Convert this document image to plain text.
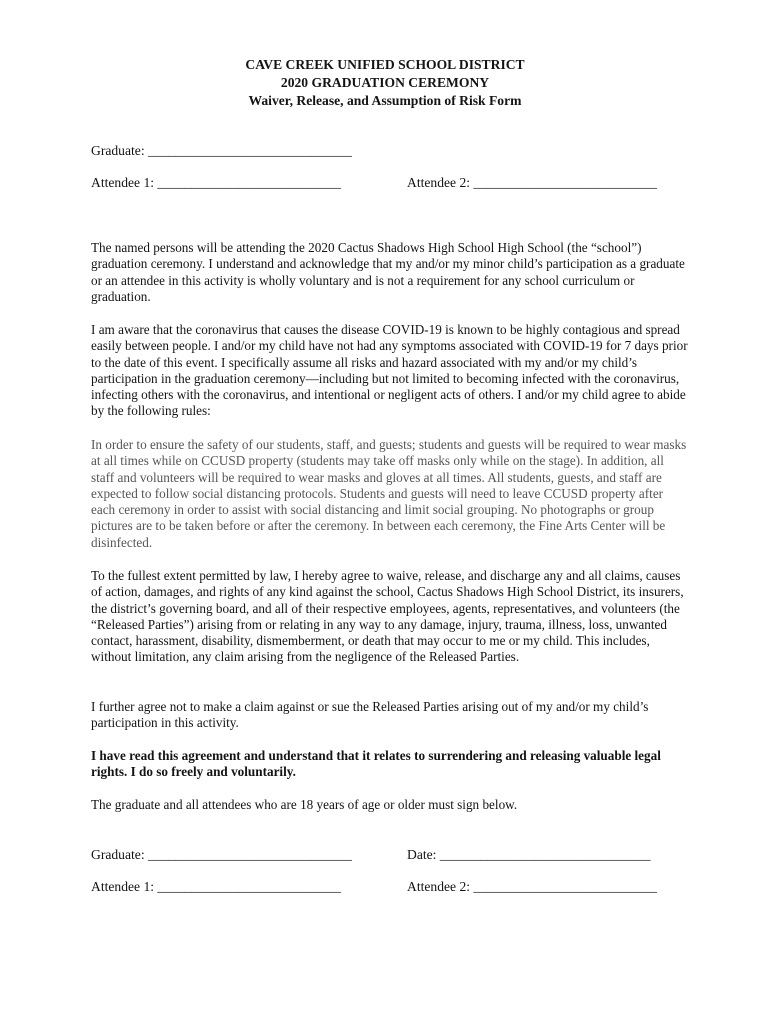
CAVE CREEK UNIFIED SCHOOL DISTRICT
2020 GRADUATION CEREMONY
Waiver, Release, and Assumption of Risk Form
Graduate: ______________________________
Attendee 1: ___________________________	Attendee 2: ___________________________

The named persons will be attending the 2020 Cactus Shadows High School High School (the “school”) graduation ceremony. I understand and acknowledge that my and/or my minor child’s participation as a graduate or an attendee in this activity is wholly voluntary and is not a requirement for any school curriculum or graduation.

I am aware that the coronavirus that causes the disease COVID-19 is known to be highly contagious and spread easily between people. I and/or my child have not had any symptoms associated with COVID-19 for 7 days prior to the date of this event. I specifically assume all risks and hazard associated with my and/or my child’s participation in the graduation ceremony—including but not limited to becoming infected with the coronavirus, infecting others with the coronavirus, and intentional or negligent acts of others. I and/or my child agree to abide by the following rules:

In order to ensure the safety of our students, staff, and guests; students and guests will be required to wear masks at all times while on CCUSD property (students may take off masks only while on the stage). In addition, all staff and volunteers will be required to wear masks and gloves at all times. All students, guests, and staff are expected to follow social distancing protocols. Students and guests will need to leave CCUSD property after each ceremony in order to assist with social distancing and limit social grouping. No photographs or group pictures are to be taken before or after the ceremony. In between each ceremony, the Fine Arts Center will be disinfected.

To the fullest extent permitted by law, I hereby agree to waive, release, and discharge any and all claims, causes of action, damages, and rights of any kind against the school, Cactus Shadows High School District, its insurers, the district’s governing board, and all of their respective employees, agents, representatives, and volunteers (the “Released Parties”) arising from or relating in any way to any damage, injury, trauma, illness, loss, unwanted contact, harassment, disability, dismemberment, or death that may occur to me or my child. This includes, without limitation, any claim arising from the negligence of the Released Parties.

I further agree not to make a claim against or sue the Released Parties arising out of my and/or my child’s participation in this activity.

I have read this agreement and understand that it relates to surrendering and releasing valuable legal rights. I do so freely and voluntarily.

The graduate and all attendees who are 18 years of age or older must sign below.

Graduate: ______________________________	Date: _______________________________
Attendee 1: ___________________________	Attendee 2: ___________________________
